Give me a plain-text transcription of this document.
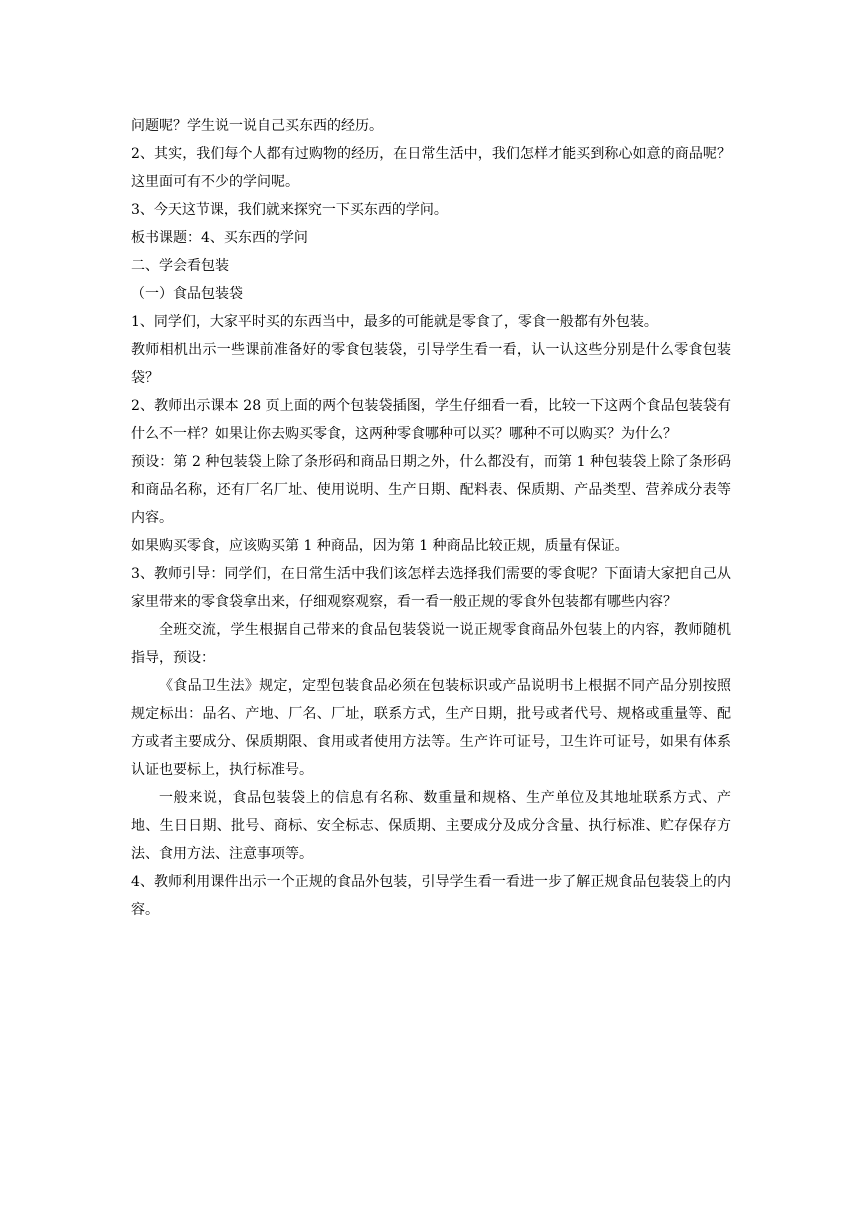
问题呢？学生说一说自己买东西的经历。

2、其实，我们每个人都有过购物的经历，在日常生活中，我们怎样才能买到称心如意的商品呢？这里面可有不少的学问呢。

3、今天这节课，我们就来探究一下买东西的学问。

板书课题：4、买东西的学问

二、学会看包装

（一）食品包装袋

1、同学们，大家平时买的东西当中，最多的可能就是零食了，零食一般都有外包装。

教师相机出示一些课前准备好的零食包装袋，引导学生看一看，认一认这些分别是什么零食包装袋？

2、教师出示课本 28 页上面的两个包装袋插图，学生仔细看一看，比较一下这两个食品包装袋有什么不一样？如果让你去购买零食，这两种零食哪种可以买？哪种不可以购买？为什么？

预设：第 2 种包装袋上除了条形码和商品日期之外，什么都没有，而第 1 种包装袋上除了条形码和商品名称，还有厂名厂址、使用说明、生产日期、配料表、保质期、产品类型、营养成分表等内容。

如果购买零食，应该购买第 1 种商品，因为第 1 种商品比较正规，质量有保证。

3、教师引导：同学们，在日常生活中我们该怎样去选择我们需要的零食呢？下面请大家把自己从家里带来的零食袋拿出来，仔细观察观察，看一看一般正规的零食外包装都有哪些内容？

全班交流，学生根据自己带来的食品包装袋说一说正规零食商品外包装上的内容，教师随机指导，预设：

《食品卫生法》规定，定型包装食品必须在包装标识或产品说明书上根据不同产品分别按照规定标出：品名、产地、厂名、厂址，联系方式，生产日期，批号或者代号、规格或重量等、配方或者主要成分、保质期限、食用或者使用方法等。生产许可证号，卫生许可证号，如果有体系认证也要标上，执行标准号。

一般来说，食品包装袋上的信息有名称、数重量和规格、生产单位及其地址联系方式、产地、生日日期、批号、商标、安全标志、保质期、主要成分及成分含量、执行标准、贮存保存方法、食用方法、注意事项等。

4、教师利用课件出示一个正规的食品外包装，引导学生看一看进一步了解正规食品包装袋上的内容。
